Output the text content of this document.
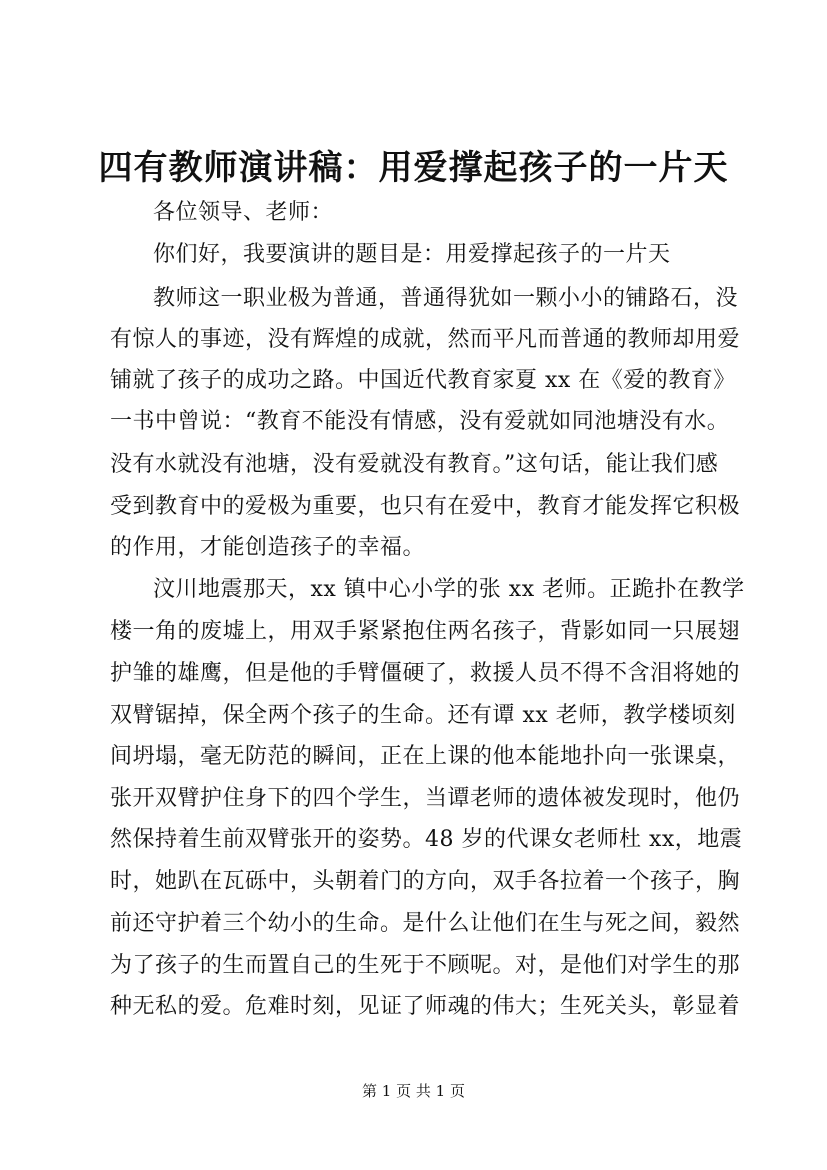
四有教师演讲稿：用爱撑起孩子的一片天
各位领导、老师：
你们好，我要演讲的题目是：用爱撑起孩子的一片天
教师这一职业极为普通，普通得犹如一颗小小的铺路石，没
有惊人的事迹，没有辉煌的成就，然而平凡而普通的教师却用爱
铺就了孩子的成功之路。中国近代教育家夏 xx 在《爱的教育》
一书中曾说：“教育不能没有情感，没有爱就如同池塘没有水。
没有水就没有池塘，没有爱就没有教育。”这句话，能让我们感
受到教育中的爱极为重要，也只有在爱中，教育才能发挥它积极
的作用，才能创造孩子的幸福。
汶川地震那天，xx 镇中心小学的张 xx 老师。正跪扑在教学
楼一角的废墟上，用双手紧紧抱住两名孩子，背影如同一只展翅
护雏的雄鹰，但是他的手臂僵硬了，救援人员不得不含泪将她的
双臂锯掉，保全两个孩子的生命。还有谭 xx 老师，教学楼顷刻
间坍塌，毫无防范的瞬间，正在上课的他本能地扑向一张课桌，
张开双臂护住身下的四个学生，当谭老师的遗体被发现时，他仍
然保持着生前双臂张开的姿势。48 岁的代课女老师杜 xx，地震
时，她趴在瓦砾中，头朝着门的方向，双手各拉着一个孩子，胸
前还守护着三个幼小的生命。是什么让他们在生与死之间，毅然
为了孩子的生而置自己的生死于不顾呢。对，是他们对学生的那
种无私的爱。危难时刻，见证了师魂的伟大；生死关头，彰显着
第 1 页 共 1 页
